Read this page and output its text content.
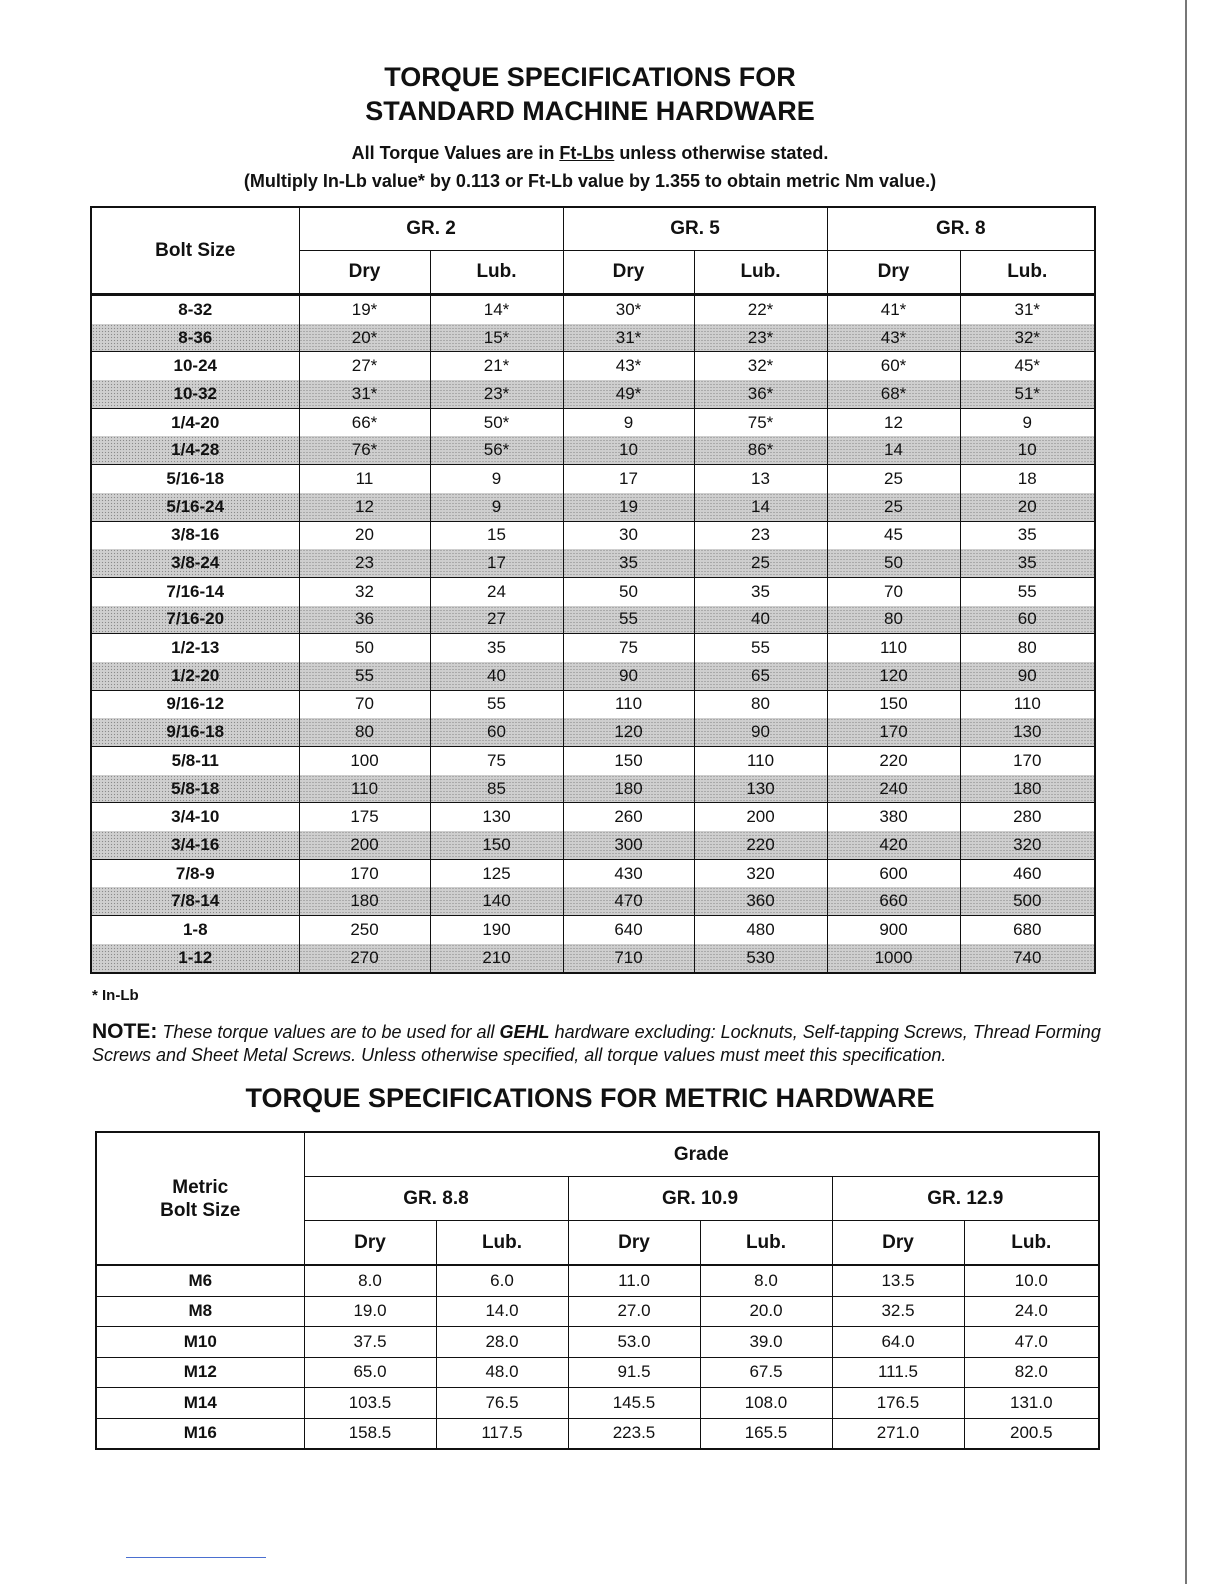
TORQUE SPECIFICATIONS FOR
STANDARD MACHINE HARDWARE
All Torque Values are in Ft-Lbs unless otherwise stated.
(Multiply In-Lb value* by 0.113 or Ft-Lb value by 1.355 to obtain metric Nm value.)
Bolt Size	GR. 2		GR. 5		GR. 8	
	Dry	Lub.	Dry	Lub.	Dry	Lub.
8-32	19*	14*	30*	22*	41*	31*
8-36	20*	15*	31*	23*	43*	32*
10-24	27*	21*	43*	32*	60*	45*
10-32	31*	23*	49*	36*	68*	51*
1/4-20	66*	50*	9	75*	12	9
1/4-28	76*	56*	10	86*	14	10
5/16-18	11	9	17	13	25	18
5/16-24	12	9	19	14	25	20
3/8-16	20	15	30	23	45	35
3/8-24	23	17	35	25	50	35
7/16-14	32	24	50	35	70	55
7/16-20	36	27	55	40	80	60
1/2-13	50	35	75	55	110	80
1/2-20	55	40	90	65	120	90
9/16-12	70	55	110	80	150	110
9/16-18	80	60	120	90	170	130
5/8-11	100	75	150	110	220	170
5/8-18	110	85	180	130	240	180
3/4-10	175	130	260	200	380	280
3/4-16	200	150	300	220	420	320
7/8-9	170	125	430	320	600	460
7/8-14	180	140	470	360	660	500
1-8	250	190	640	480	900	680
1-12	270	210	710	530	1000	740
* In-Lb
NOTE: These torque values are to be used for all GEHL hardware excluding: Locknuts, Self-tapping Screws, Thread Forming Screws and Sheet Metal Screws. Unless otherwise specified, all torque values must meet this specification.
TORQUE SPECIFICATIONS FOR METRIC HARDWARE
Metric Bolt Size	Grade					
	GR. 8.8		GR. 10.9		GR. 12.9	
	Dry	Lub.	Dry	Lub.	Dry	Lub.
M6	8.0	6.0	11.0	8.0	13.5	10.0
M8	19.0	14.0	27.0	20.0	32.5	24.0
M10	37.5	28.0	53.0	39.0	64.0	47.0
M12	65.0	48.0	91.5	67.5	111.5	82.0
M14	103.5	76.5	145.5	108.0	176.5	131.0
M16	158.5	117.5	223.5	165.5	271.0	200.5
